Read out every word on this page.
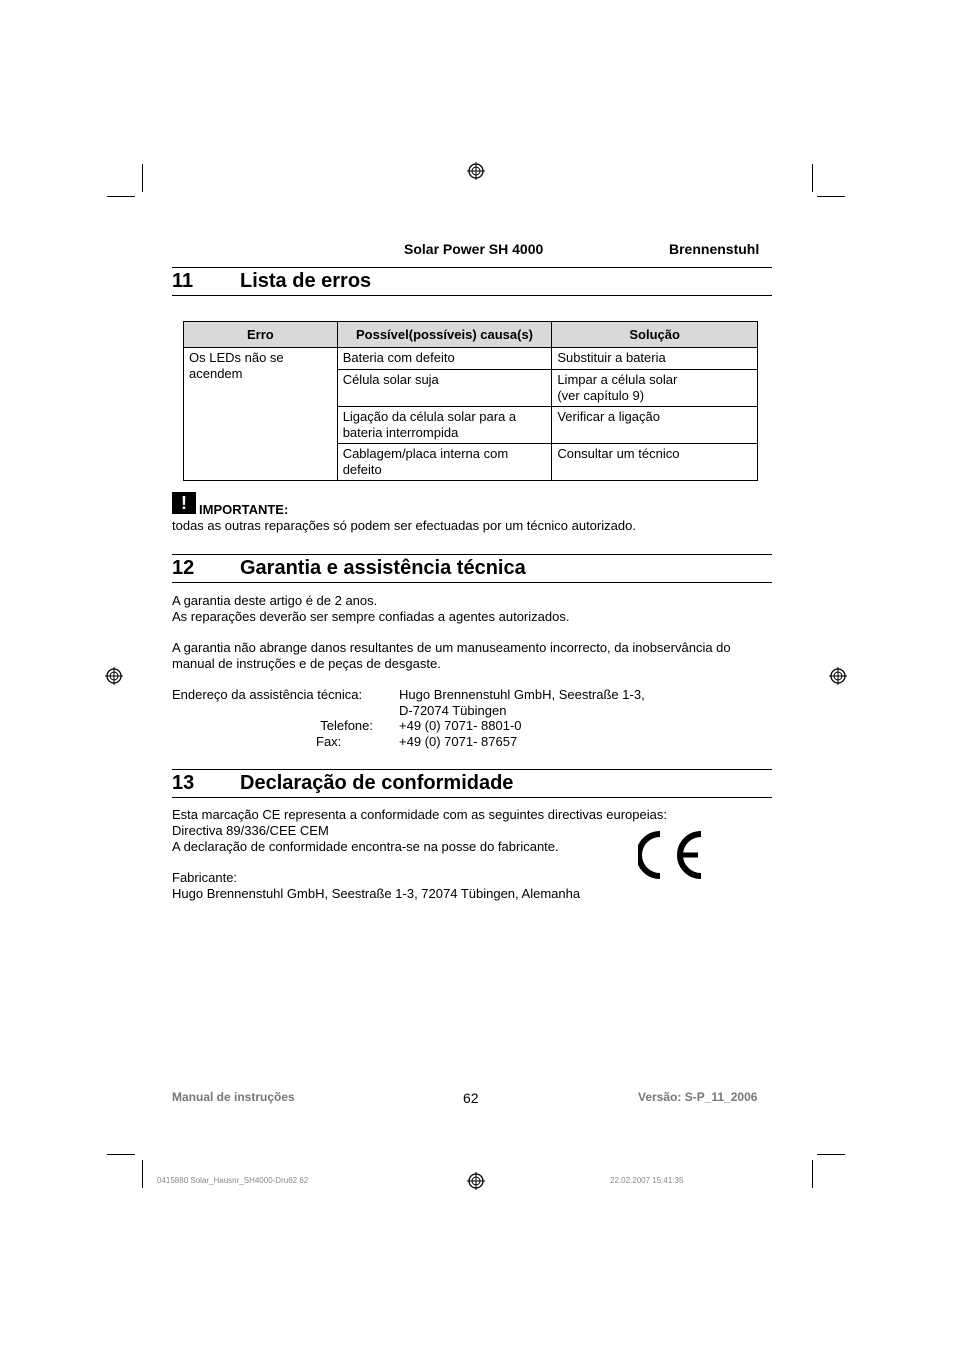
Solar Power SH 4000	Brennenstuhl
11 Lista de erros
Erro	Possível(possíveis) causa(s)	Solução
Os LEDs não se acendem	Bateria com defeito	Substituir a bateria
	Célula solar suja	Limpar a célula solar (ver capítulo 9)
	Ligação da célula solar para a bateria interrompida	Verificar a ligação
	Cablagem/placa interna com defeito	Consultar um técnico
! IMPORTANTE:
todas as outras reparações só podem ser efectuadas por um técnico autorizado.
12 Garantia e assistência técnica
A garantia deste artigo é de 2 anos.
As reparações deverão ser sempre confiadas a agentes autorizados.
A garantia não abrange danos resultantes de um manuseamento incorrecto, da inobservância do
manual de instruções e de peças de desgaste.
Endereço da assistência técnica:	Hugo Brennenstuhl GmbH, Seestraße 1-3,
D-72074 Tübingen
Telefone: +49 (0) 7071- 8801-0
Fax:	+49 (0) 7071- 87657
13 Declaração de conformidade
Esta marcação CE representa a conformidade com as seguintes directivas europeias:
Directiva 89/336/CEE CEM
A declaração de conformidade encontra-se na posse do fabricante.
Fabricante:
Hugo Brennenstuhl GmbH, Seestraße 1-3, 72074 Tübingen, Alemanha
Manual de instruções	62	Versão: S-P_11_2006
0415880 Solar_Hausnr_SH4000-Dru62 62	22.02.2007 15:41:35
